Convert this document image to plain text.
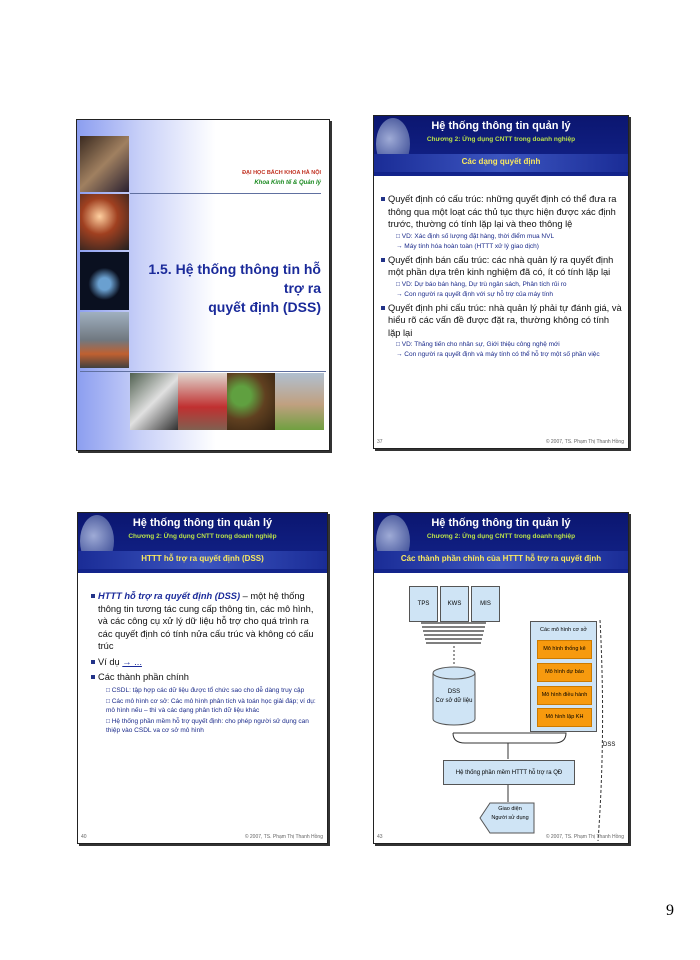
ĐẠI HỌC BÁCH KHOA HÀ NỘI
Khoa Kinh tế & Quản lý
1.5. Hệ thống thông tin hỗ trợ ra
quyết định (DSS)
Hệ thống thông tin quản lý
Chương 2: Ứng dụng CNTT trong doanh nghiệp
Các dạng quyết định
Quyết định có cấu trúc: những quyết định có thể đưa ra thông qua một loạt các thủ tục thực hiện được xác định trước, thường có tính lặp lại và theo thông lệ
□ VD: Xác định số lượng đặt hàng, thời điểm mua NVL
→ Máy tính hóa hoàn toàn (HTTT xử lý giao dịch)
Quyết định bán cấu trúc: các nhà quản lý ra quyết định một phần dựa trên kinh nghiệm đã có, ít có tính lặp lại
□ VD: Dự báo bán hàng, Dự trù ngân sách, Phân tích rủi ro
→ Con người ra quyết định với sự hỗ trợ của máy tính
Quyết định phi cấu trúc: nhà quản lý phải tự đánh giá, và hiểu rõ các vấn đề được đặt ra, thường không có tính lặp lại
□ VD: Thăng tiến cho nhân sự, Giới thiệu công nghệ mới
→ Con người ra quyết định và máy tính có thể hỗ trợ một số phần việc
37	© 2007, TS. Phạm Thị Thanh Hồng
Hệ thống thông tin quản lý
Chương 2: Ứng dụng CNTT trong doanh nghiệp
HTTT hỗ trợ ra quyết định (DSS)
HTTT hỗ trợ ra quyết định (DSS) – một hệ thống thông tin tương tác cung cấp thông tin, các mô hình, và các công cụ xử lý dữ liệu hỗ trợ cho quá trình ra các quyết định có tính nửa cấu trúc và không có cấu trúc
Ví dụ → ...
Các thành phần chính
□ CSDL: tập hợp các dữ liệu được tổ chức sao cho dễ dàng truy cập
□ Các mô hình cơ sở: Các mô hình phân tích và toán học giải đáp; ví dụ: mô hình nếu – thì và các dạng phân tích dữ liệu khác
□ Hệ thống phần mềm hỗ trợ quyết định: cho phép người sử dụng can thiệp vào CSDL va cơ sở mô hình
40	© 2007, TS. Phạm Thị Thanh Hồng
Hệ thống thông tin quản lý
Chương 2: Ứng dụng CNTT trong doanh nghiệp
Các thành phần chính của HTTT hỗ trợ ra quyết định
TPS	KWS	MIS
DSS
Cơ sở dữ liệu
Các mô hình cơ sở
Mô hình thống kê
Mô hình dự báo
Mô hình điều hành
Mô hình lập KH
Hệ thống phần mềm HTTT hỗ trợ ra QĐ
Giao diện
Người sử dụng
DSS
43	© 2007, TS. Phạm Thị Thanh Hồng
9
